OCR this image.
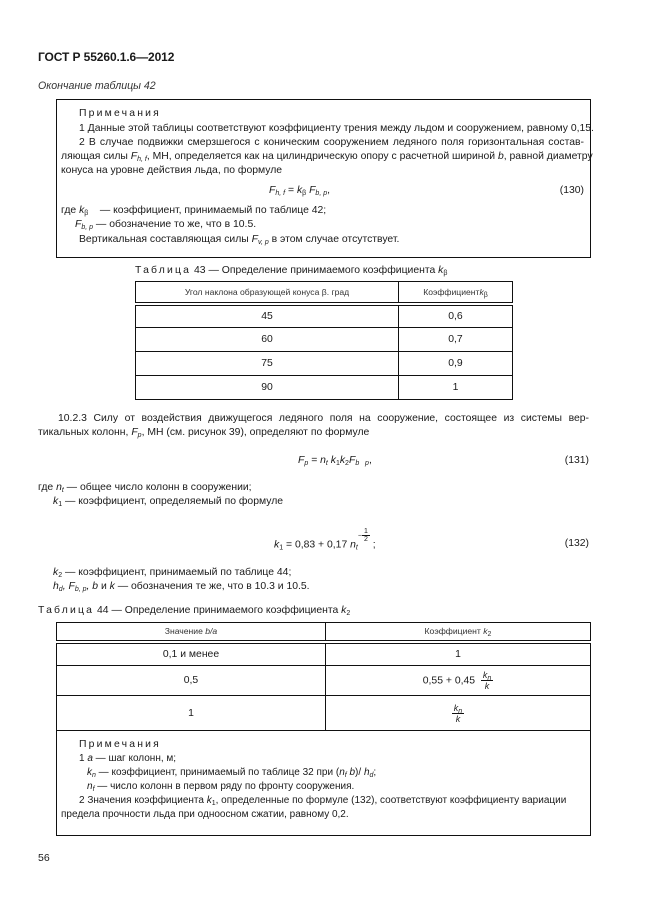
ГОСТ Р 55260.1.6—2012
Окончание таблицы 42
Примечания
1 Данные этой таблицы соответствуют коэффициенту трения между льдом и сооружением, равному 0,15.
2 В случае подвижки смерзшегося с коническим сооружением ледяного поля горизонтальная состав-
ляющая силы $F_{h, f}$, МН, определяется как на цилиндрическую опору с расчетной шириной b, равной диаметру
конуса на уровне действия льда, по формуле
$F_{h, f} = k_\beta$ $F_{b, p}$,	(130)
где $k_\beta$    — коэффициент, принимаемый по таблице 42;
$F_{b, p}$ — обозначение то же, что в 10.5.
Вертикальная составляющая силы $F_{v, p}$ в этом случае отсутствует.
Таблица 43 — Определение принимаемого коэффициента $k_\beta$
Угол наклона образующей конуса β. град	Коэффициентk$_\beta$
45	0,6
60	0,7
75	0,9
90	1
10.2.3 Силу от воздействия движущегося ледяного поля на сооружение, состоящее из системы вер-
тикальных колонн, $F_p$, МН (см. рисунок 39), определяют по формуле
$F_p = n_t$ $k_1k_2F_{b p}$,	(131)
где $n_t$ — общее число колонн в сооружении;
$k_1$ — коэффициент, определяемый по формуле
$k_1 = 0,83 + 0,17$ $n_t- \frac{1}{2}$
;	(132)
$k_2$ — коэффициент, принимаемый по таблице 44;
$h_d$, $F_{b, p}$, b и k — обозначения те же, что в 10.3 и 10.5.
Таблица 44 — Определение принимаемого коэффициента $k_2$
Значение b/a	Коэффициент $k_2$
0,1 и менее	1
0,5	$0,55 + 0,45 \frac{k_n}{k}$

1	$\frac{k_n}{k}$
Примечания
1 a — шаг колонн, м;
$k_n$ — коэффициент, принимаемый по таблице 32 при ($n_f$ b)/ $h_d$;
$n_f$ — число колонн в первом ряду по фронту сооружения.
2 Значения коэффициента $k_1$, определенные по формуле (132), соответствуют коэффициенту вариации
предела прочности льда при одноосном сжатии, равному 0,2.
56
